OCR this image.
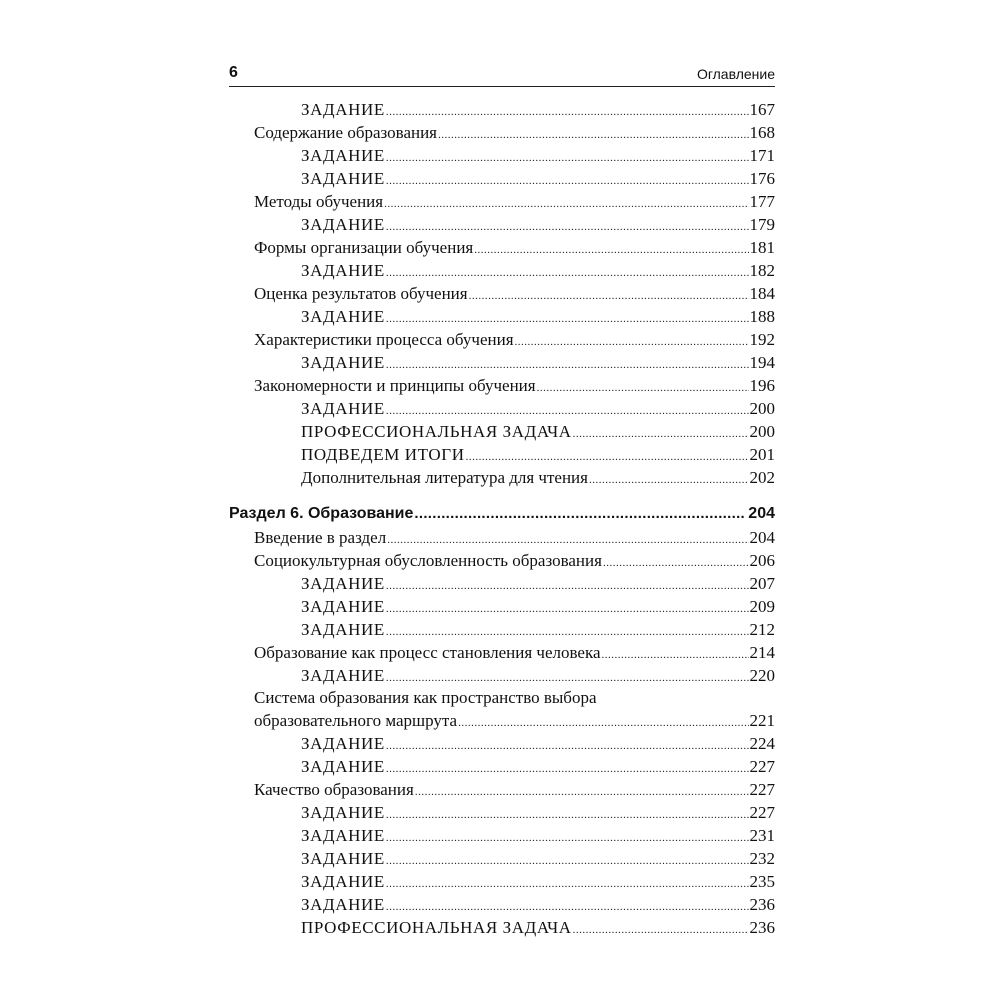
6	Оглавление
ЗАДАНИЕ .....	167
Содержание образования .....	168
ЗАДАНИЕ .....	171
ЗАДАНИЕ .....	176
Методы обучения .....	177
ЗАДАНИЕ .....	179
Формы организации обучения .....	181
ЗАДАНИЕ .....	182
Оценка результатов обучения .....	184
ЗАДАНИЕ .....	188
Характеристики процесса обучения .....	192
ЗАДАНИЕ .....	194
Закономерности и принципы обучения .....	196
ЗАДАНИЕ .....	200
ПРОФЕССИОНАЛЬНАЯ ЗАДАЧА .....	200
ПОДВЕДЕМ ИТОГИ .....	201
Дополнительная литература для чтения .....	202
Раздел 6. Образование .....	204
Введение в раздел .....	204
Социокультурная обусловленность образования .....	206
ЗАДАНИЕ .....	207
ЗАДАНИЕ .....	209
ЗАДАНИЕ .....	212
Образование как процесс становления человека .....	214
ЗАДАНИЕ .....	220
Система образования как пространство выбора
образовательного маршрута .....	221
ЗАДАНИЕ .....	224
ЗАДАНИЕ .....	227
Качество образования .....	227
ЗАДАНИЕ .....	227
ЗАДАНИЕ .....	231
ЗАДАНИЕ .....	232
ЗАДАНИЕ .....	235
ЗАДАНИЕ .....	236
ПРОФЕССИОНАЛЬНАЯ ЗАДАЧА .....	236
